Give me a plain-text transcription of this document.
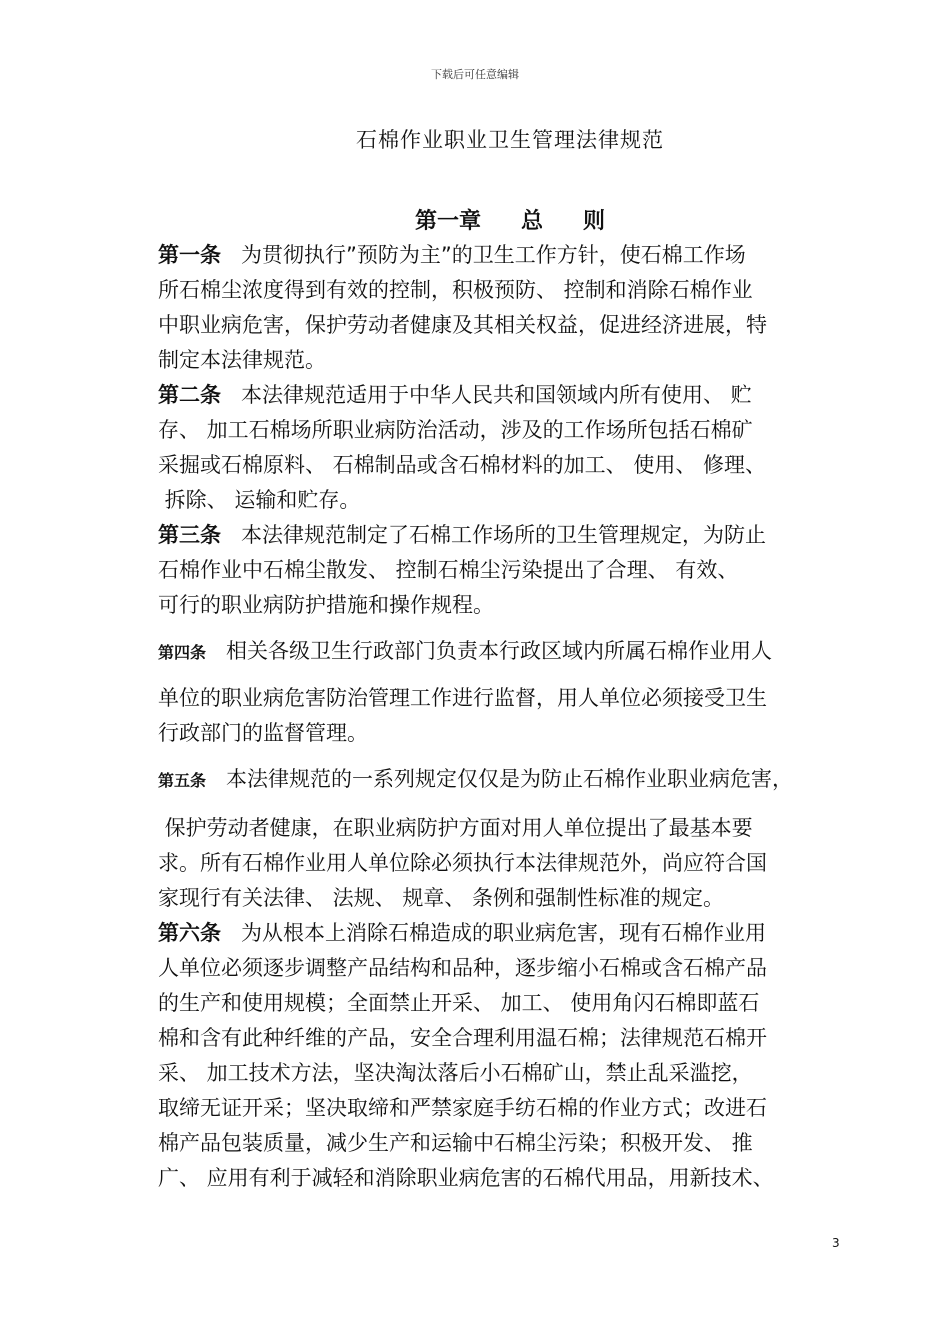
下载后可任意编辑
石棉作业职业卫生管理法律规范
第一章 总 则
第一条 为贯彻执行”预防为主”的卫生工作方针，使石棉工作场
所石棉尘浓度得到有效的控制，积极预防、 控制和消除石棉作业
中职业病危害，保护劳动者健康及其相关权益，促进经济进展，特
制定本法律规范。
第二条 本法律规范适用于中华人民共和国领域内所有使用、 贮
存、 加工石棉场所职业病防治活动，涉及的工作场所包括石棉矿
采掘或石棉原料、 石棉制品或含石棉材料的加工、 使用、 修理、
拆除、 运输和贮存。
第三条 本法律规范制定了石棉工作场所的卫生管理规定，为防止
石棉作业中石棉尘散发、 控制石棉尘污染提出了合理、 有效、
可行的职业病防护措施和操作规程。
第四条 相关各级卫生行政部门负责本行政区域内所属石棉作业用人
单位的职业病危害防治管理工作进行监督，用人单位必须接受卫生
行政部门的监督管理。
第五条 本法律规范的一系列规定仅仅是为防止石棉作业职业病危害，
保护劳动者健康，在职业病防护方面对用人单位提出了最基本要
求。所有石棉作业用人单位除必须执行本法律规范外，尚应符合国
家现行有关法律、 法规、 规章、 条例和强制性标准的规定。
第六条 为从根本上消除石棉造成的职业病危害，现有石棉作业用
人单位必须逐步调整产品结构和品种，逐步缩小石棉或含石棉产品
的生产和使用规模；全面禁止开采、 加工、 使用角闪石棉即蓝石
棉和含有此种纤维的产品，安全合理利用温石棉；法律规范石棉开
采、 加工技术方法，坚决淘汰落后小石棉矿山，禁止乱采滥挖，
取缔无证开采；坚决取缔和严禁家庭手纺石棉的作业方式；改进石
棉产品包装质量，减少生产和运输中石棉尘污染；积极开发、 推
广、 应用有利于减轻和消除职业病危害的石棉代用品，用新技术、
3
